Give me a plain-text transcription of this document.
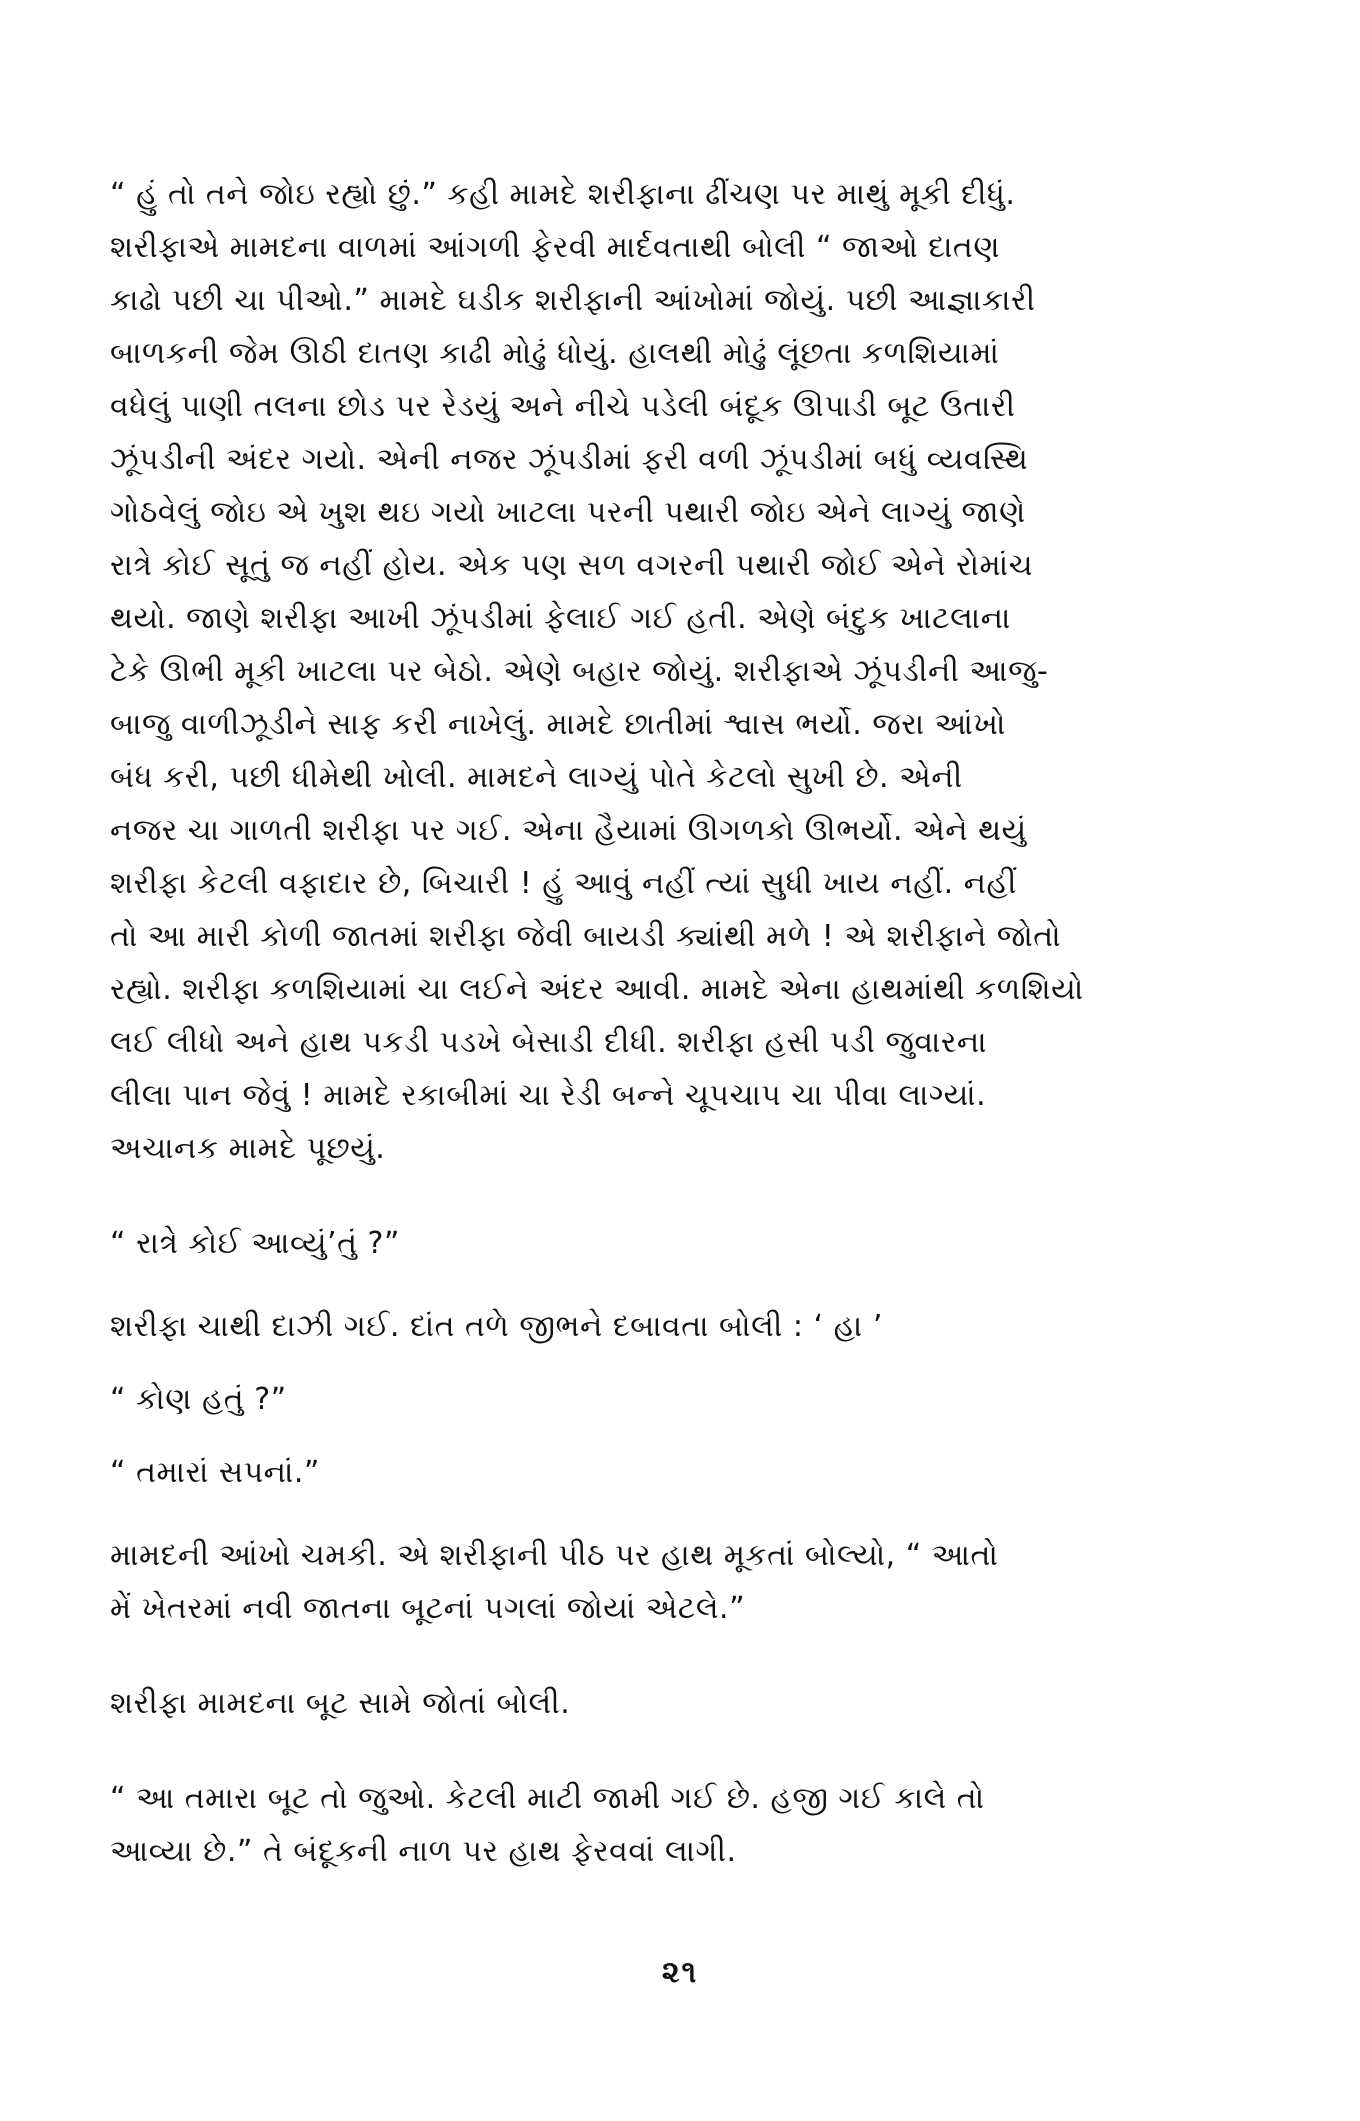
“ હું તો તને જોઇ રહ્યો છું.” કહી મામદે શરીફાના ઢીંચણ પર માથું મૂકી દીધું.
શરીફાએ મામદના વાળમાં આંગળી ફેરવી માર્દવતાથી બોલી “ જાઓ દાતણ
કાઢો પછી ચા પીઓ.” મામદે ઘડીક શરીફાની આંખોમાં જોયું. પછી આજ્ઞાકારી
બાળકની જેમ ઊઠી દાતણ કાઢી મોઢું ધોયું. હાલથી મોઢું લૂંછતા કળશિયામાં
વધેલું પાણી તલના છોડ પર રેડયું અને નીચે પડેલી બંદૂક ઊપાડી બૂટ ઉતારી
ઝૂંપડીની અંદર ગયો. એની નજર ઝૂંપડીમાં ફરી વળી ઝૂંપડીમાં બધું વ્યવસ્થિ
ગોઠવેલું જોઇ એ ખુશ થઇ ગયો ખાટલા પરની પથારી જોઇ એને લાગ્યું જાણે
રાત્રે કોઈ સૂતું જ નહીં હોય. એક પણ સળ વગરની પથારી જોઈ એને રોમાંચ
થયો. જાણે શરીફા આખી ઝૂંપડીમાં ફેલાઈ ગઈ હતી. એણે બંદુક ખાટલાના
ટેકે ઊભી મૂકી ખાટલા પર બેઠો. એણે બહાર જોયું. શરીફાએ ઝૂંપડીની આજુ-
બાજુ વાળીઝૂડીને સાફ કરી નાખેલું. મામદે છાતીમાં શ્વાસ ભર્યો. જરા આંખો
બંધ કરી, પછી ધીમેથી ખોલી. મામદને લાગ્યું પોતે કેટલો સુખી છે. એની
નજર ચા ગાળતી શરીફા પર ગઈ. એના હૈયામાં ઊગળકો ઊભર્યો. એને થયું
શરીફા કેટલી વફાદાર છે, બિચારી ! હું આવું નહીં ત્યાં સુધી ખાય નહીં. નહીં
તો આ મારી કોળી જાતમાં શરીફા જેવી બાયડી ક્યાંથી મળે ! એ શરીફાને જોતો
રહ્યો. શરીફા કળશિયામાં ચા લઈને અંદર આવી. મામદે એના હાથમાંથી કળશિયો
લઈ લીધો અને હાથ પકડી પડખે બેસાડી દીધી. શરીફા હસી પડી જુવારના
લીલા પાન જેવું ! મામદે રકાબીમાં ચા રેડી બન્ને ચૂપચાપ ચા પીવા લાગ્યાં.
અચાનક મામદે પૂછયું.
“ રાત્રે કોઈ આવ્યું’તું ?”
શરીફા ચાથી દાઝી ગઈ. દાંત તળે જીભને દબાવતા બોલી : ‘ હા ’
“ કોણ હતું ?”
“ તમારાં સપનાં.”
મામદની આંખો ચમકી. એ શરીફાની પીઠ પર હાથ મૂકતાં બોલ્યો, “ આતો
મેં ખેતરમાં નવી જાતના બૂટનાં પગલાં જોયાં એટલે.”
શરીફા મામદના બૂટ સામે જોતાં બોલી.
“ આ તમારા બૂટ તો જુઓ. કેટલી માટી જામી ગઈ છે. હજી ગઈ કાલે તો
આવ્યા છે.” તે બંદૂકની નાળ પર હાથ ફેરવવાં લાગી.
૨૧
